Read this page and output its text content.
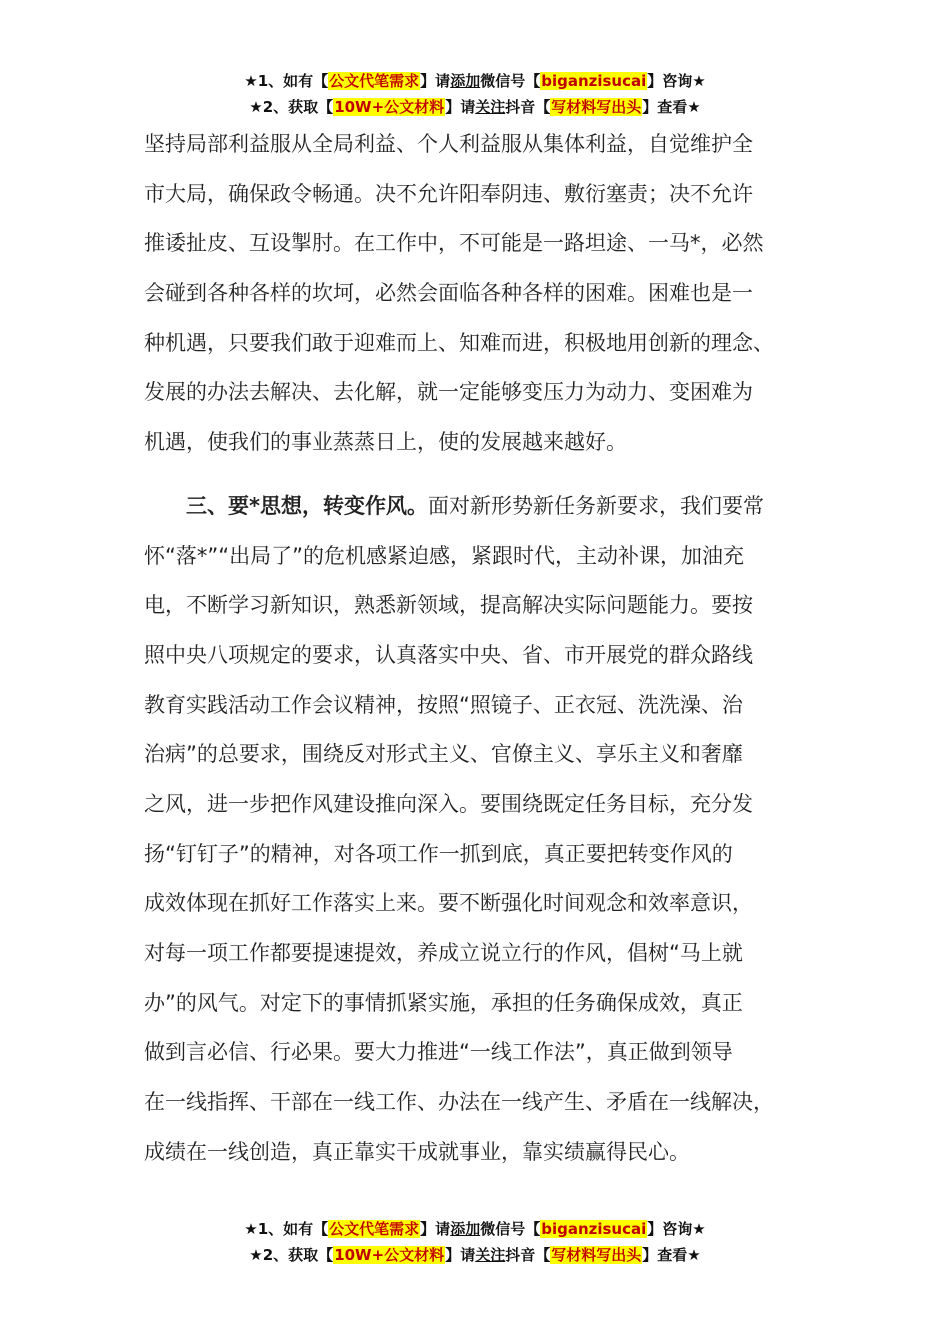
★1、如有【公文代笔需求】请添加微信号【biganzisucai】咨询★
★2、获取【10W+公文材料】请关注抖音【写材料写出头】查看★
坚持局部利益服从全局利益、个人利益服从集体利益，自觉维护全
市大局，确保政令畅通。决不允许阳奉阴违、敷衍塞责；决不允许
推诿扯皮、互设掣肘。在工作中，不可能是一路坦途、一马*，必然
会碰到各种各样的坎坷，必然会面临各种各样的困难。困难也是一
种机遇，只要我们敢于迎难而上、知难而进，积极地用创新的理念、
发展的办法去解决、去化解，就一定能够变压力为动力、变困难为
机遇，使我们的事业蒸蒸日上，使的发展越来越好。
三、要*思想，转变作风。面对新形势新任务新要求，我们要常
怀“落*”“出局了”的危机感紧迫感，紧跟时代，主动补课，加油充
电，不断学习新知识，熟悉新领域，提高解决实际问题能力。要按
照中央八项规定的要求，认真落实中央、省、市开展党的群众路线
教育实践活动工作会议精神，按照“照镜子、正衣冠、洗洗澡、治
治病”的总要求，围绕反对形式主义、官僚主义、享乐主义和奢靡
之风，进一步把作风建设推向深入。要围绕既定任务目标，充分发
扬“钉钉子”的精神，对各项工作一抓到底，真正要把转变作风的
成效体现在抓好工作落实上来。要不断强化时间观念和效率意识，
对每一项工作都要提速提效，养成立说立行的作风，倡树“马上就
办”的风气。对定下的事情抓紧实施，承担的任务确保成效，真正
做到言必信、行必果。要大力推进“一线工作法”，真正做到领导
在一线指挥、干部在一线工作、办法在一线产生、矛盾在一线解决，
成绩在一线创造，真正靠实干成就事业，靠实绩赢得民心。
★1、如有【公文代笔需求】请添加微信号【biganzisucai】咨询★
★2、获取【10W+公文材料】请关注抖音【写材料写出头】查看★
